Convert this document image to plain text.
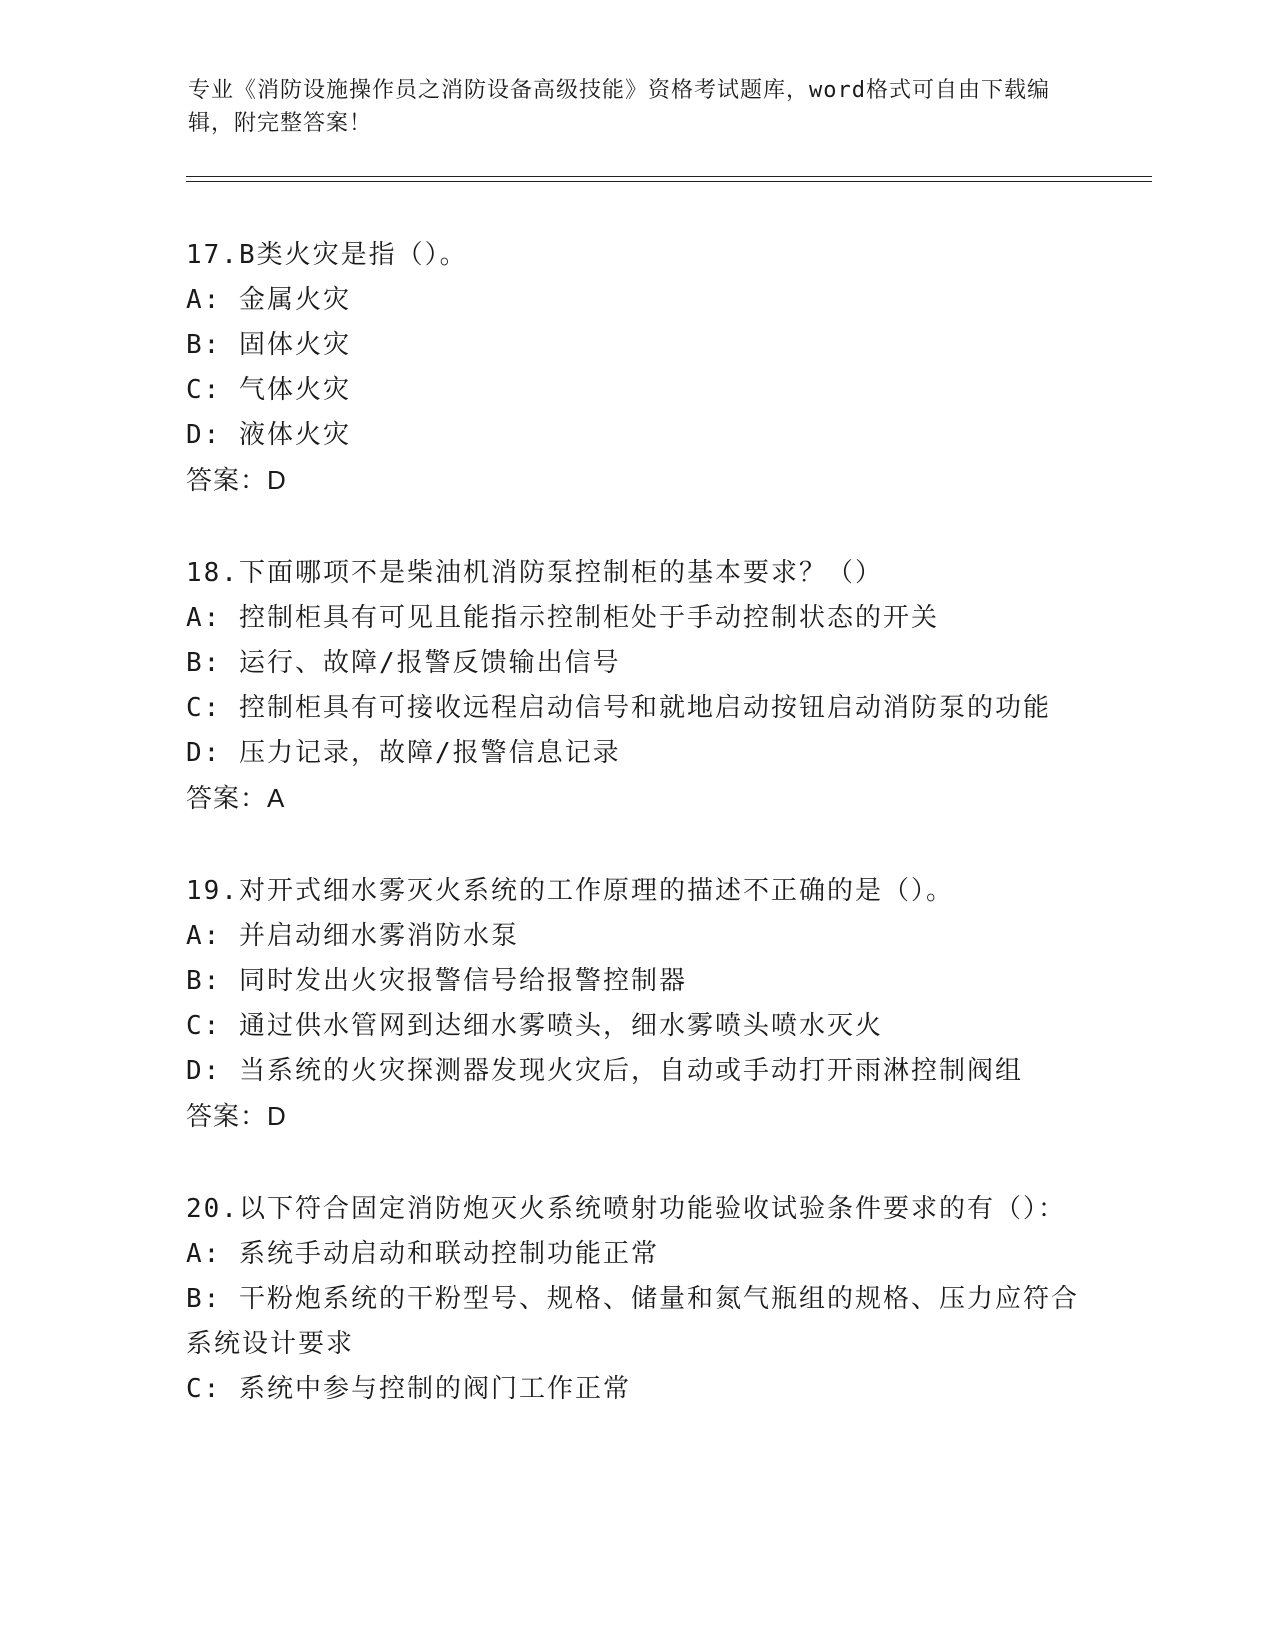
专业《消防设施操作员之消防设备高级技能》资格考试题库，word格式可自由下载编辑，附完整答案！
17.B类火灾是指（）。
A: 金属火灾
B: 固体火灾
C: 气体火灾
D: 液体火灾
答案：D
18.下面哪项不是柴油机消防泵控制柜的基本要求？（）
A: 控制柜具有可见且能指示控制柜处于手动控制状态的开关
B: 运行、故障/报警反馈输出信号
C: 控制柜具有可接收远程启动信号和就地启动按钮启动消防泵的功能
D: 压力记录，故障/报警信息记录
答案：A
19.对开式细水雾灭火系统的工作原理的描述不正确的是（）。
A: 并启动细水雾消防水泵
B: 同时发出火灾报警信号给报警控制器
C: 通过供水管网到达细水雾喷头，细水雾喷头喷水灭火
D: 当系统的火灾探测器发现火灾后，自动或手动打开雨淋控制阀组
答案：D
20.以下符合固定消防炮灭火系统喷射功能验收试验条件要求的有（）：
A: 系统手动启动和联动控制功能正常
B: 干粉炮系统的干粉型号、规格、储量和氮气瓶组的规格、压力应符合系统设计要求
C: 系统中参与控制的阀门工作正常
